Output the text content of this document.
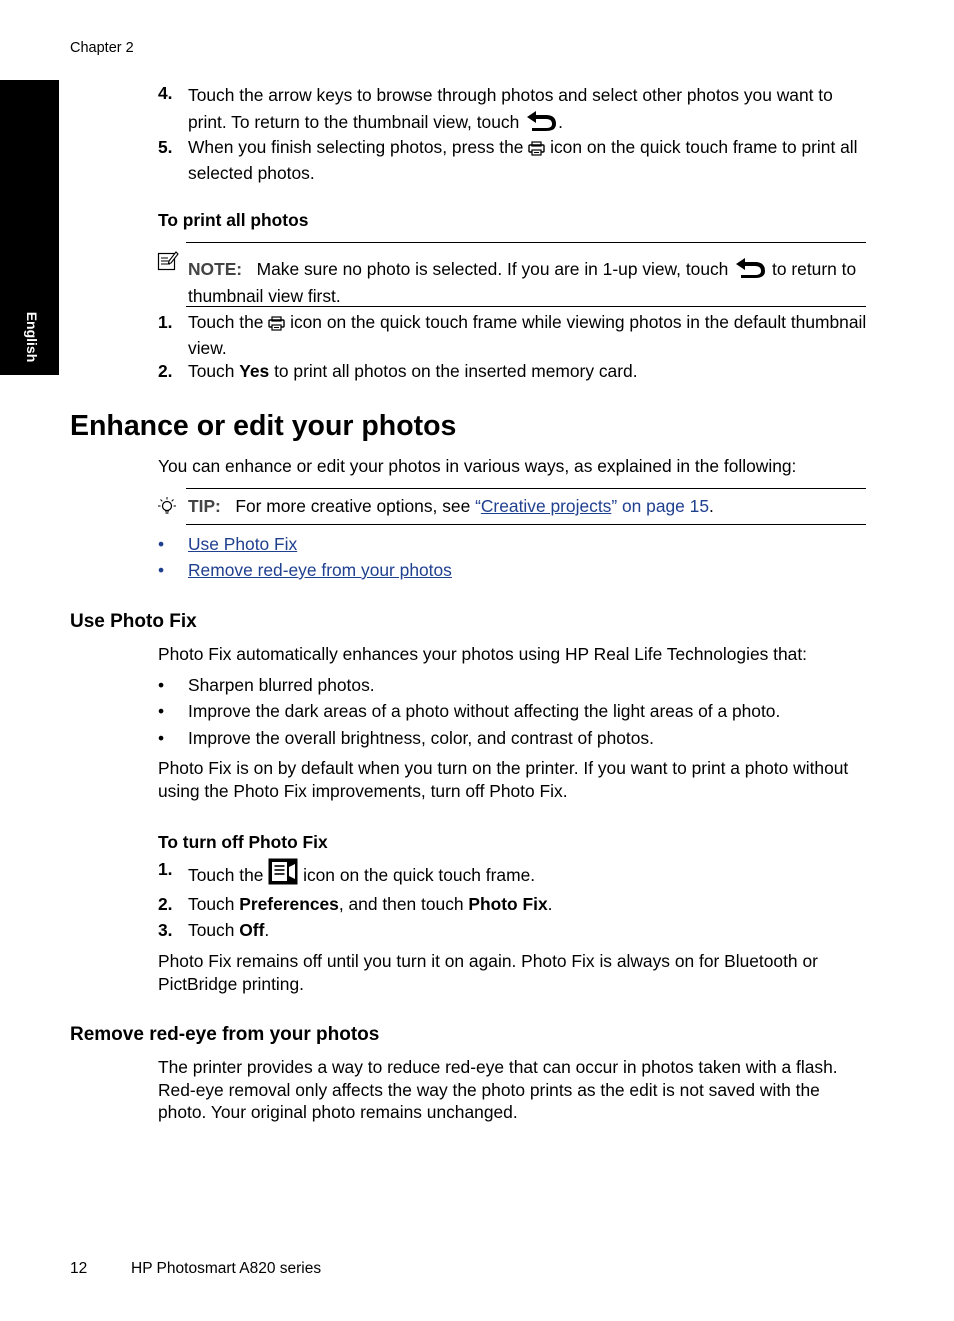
Chapter 2
English
4. Touch the arrow keys to browse through photos and select other photos you want to print. To return to the thumbnail view, touch .
5. When you finish selecting photos, press the  icon on the quick touch frame to print all selected photos.
To print all photos
NOTE: Make sure no photo is selected. If you are in 1-up view, touch  to return to thumbnail view first.
1. Touch the  icon on the quick touch frame while viewing photos in the default thumbnail view.
2. Touch Yes to print all photos on the inserted memory card.
Enhance or edit your photos
You can enhance or edit your photos in various ways, as explained in the following:
TIP: For more creative options, see “Creative projects” on page 15.
• Use Photo Fix
• Remove red-eye from your photos
Use Photo Fix
Photo Fix automatically enhances your photos using HP Real Life Technologies that:
• Sharpen blurred photos.
• Improve the dark areas of a photo without affecting the light areas of a photo.
• Improve the overall brightness, color, and contrast of photos.
Photo Fix is on by default when you turn on the printer. If you want to print a photo without using the Photo Fix improvements, turn off Photo Fix.
To turn off Photo Fix
1. Touch the  icon on the quick touch frame.
2. Touch Preferences, and then touch Photo Fix.
3. Touch Off.
Photo Fix remains off until you turn it on again. Photo Fix is always on for Bluetooth or PictBridge printing.
Remove red-eye from your photos
The printer provides a way to reduce red-eye that can occur in photos taken with a flash. Red-eye removal only affects the way the photo prints as the edit is not saved with the photo. Your original photo remains unchanged.
12	HP Photosmart A820 series
